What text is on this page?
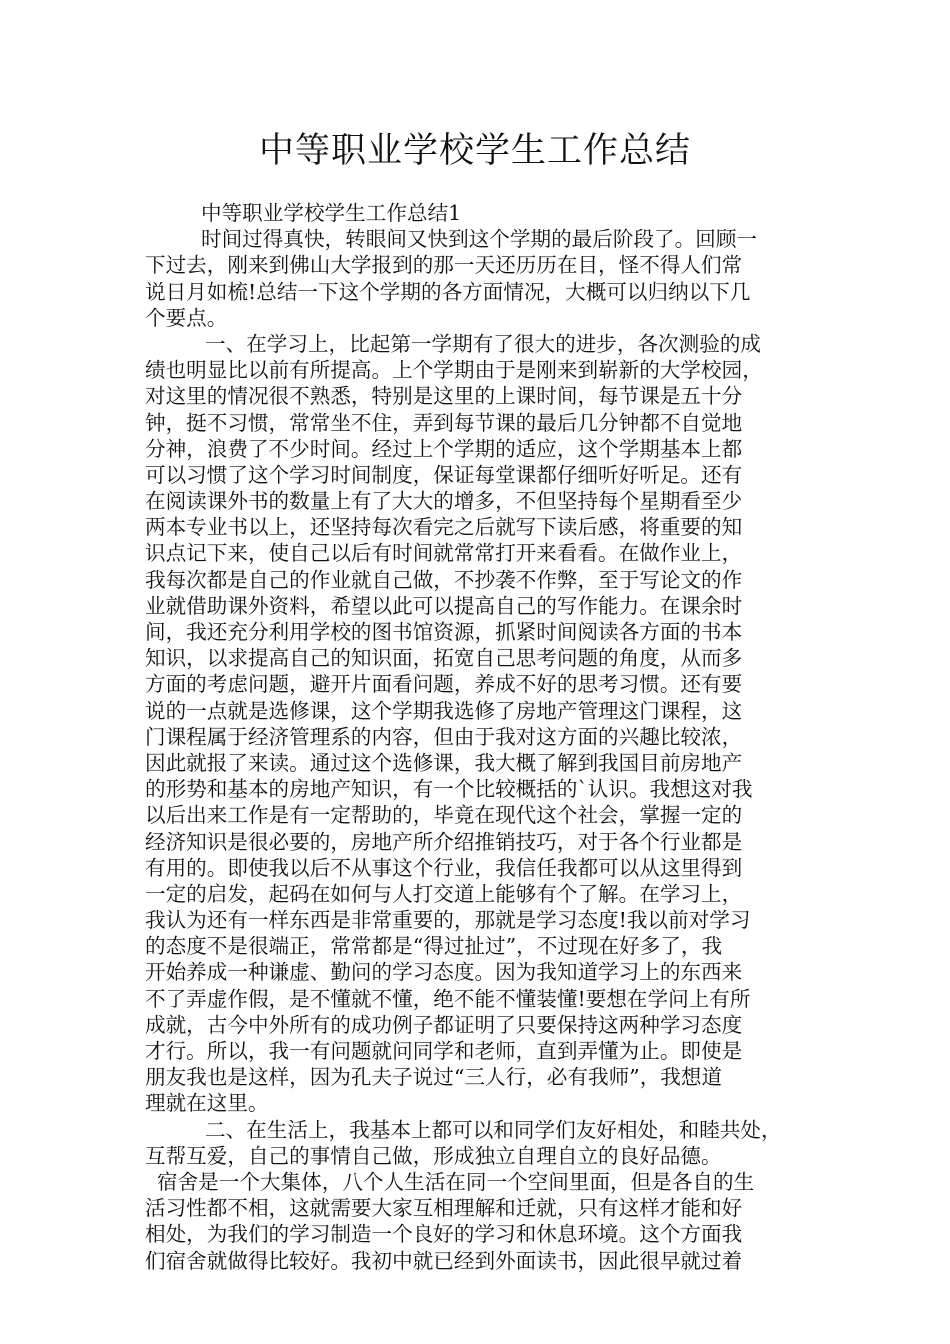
中等职业学校学生工作总结
中等职业学校学生工作总结1
时间过得真快，转眼间又快到这个学期的最后阶段了。回顾一
下过去，刚来到佛山大学报到的那一天还历历在目，怪不得人们常
说日月如梳!总结一下这个学期的各方面情况，大概可以归纳以下几
个要点。
一、在学习上，比起第一学期有了很大的进步，各次测验的成
绩也明显比以前有所提高。上个学期由于是刚来到崭新的大学校园，
对这里的情况很不熟悉，特别是这里的上课时间，每节课是五十分
钟，挺不习惯，常常坐不住，弄到每节课的最后几分钟都不自觉地
分神，浪费了不少时间。经过上个学期的适应，这个学期基本上都
可以习惯了这个学习时间制度，保证每堂课都仔细听好听足。还有
在阅读课外书的数量上有了大大的增多，不但坚持每个星期看至少
两本专业书以上，还坚持每次看完之后就写下读后感，将重要的知
识点记下来，使自己以后有时间就常常打开来看看。在做作业上，
我每次都是自己的作业就自己做，不抄袭不作弊，至于写论文的作
业就借助课外资料，希望以此可以提高自己的写作能力。在课余时
间，我还充分利用学校的图书馆资源，抓紧时间阅读各方面的书本
知识，以求提高自己的知识面，拓宽自己思考问题的角度，从而多
方面的考虑问题，避开片面看问题，养成不好的思考习惯。还有要
说的一点就是选修课，这个学期我选修了房地产管理这门课程，这
门课程属于经济管理系的内容，但由于我对这方面的兴趣比较浓，
因此就报了来读。通过这个选修课，我大概了解到我国目前房地产
的形势和基本的房地产知识，有一个比较概括的`认识。我想这对我
以后出来工作是有一定帮助的，毕竟在现代这个社会，掌握一定的
经济知识是很必要的，房地产所介绍推销技巧，对于各个行业都是
有用的。即使我以后不从事这个行业，我信任我都可以从这里得到
一定的启发，起码在如何与人打交道上能够有个了解。在学习上，
我认为还有一样东西是非常重要的，那就是学习态度!我以前对学习
的态度不是很端正，常常都是“得过扯过”，不过现在好多了，我
开始养成一种谦虚、勤问的学习态度。因为我知道学习上的东西来
不了弄虚作假，是不懂就不懂，绝不能不懂装懂!要想在学问上有所
成就，古今中外所有的成功例子都证明了只要保持这两种学习态度
才行。所以，我一有问题就问同学和老师，直到弄懂为止。即使是
朋友我也是这样，因为孔夫子说过“三人行，必有我师”，我想道
理就在这里。
二、在生活上，我基本上都可以和同学们友好相处，和睦共处，
互帮互爱，自己的事情自己做，形成独立自理自立的良好品德。
宿舍是一个大集体，八个人生活在同一个空间里面，但是各自的生
活习性都不相，这就需要大家互相理解和迁就，只有这样才能和好
相处，为我们的学习制造一个良好的学习和休息环境。这个方面我
们宿舍就做得比较好。我初中就已经到外面读书，因此很早就过着
